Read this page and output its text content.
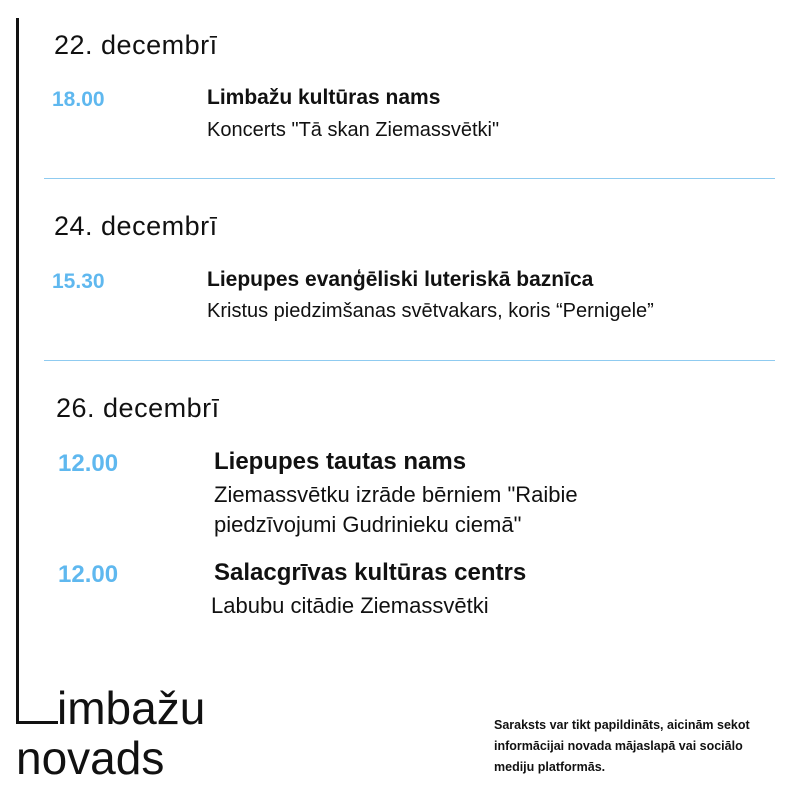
22. decembrī
18.00	Limbažu kultūras nams
Koncerts "Tā skan Ziemassvētki"
24. decembrī
15.30	Liepupes evanģēliski luteriskā baznīca
Kristus piedzimšanas svētvakars, koris “Pernigele”
26. decembrī
12.00	Liepupes tautas nams
Ziemassvētku izrāde bērniem "Raibie
piedzīvojumi Gudrinieku ciemā"
12.00	Salacgrīvas kultūras centrs
Labubu citādie Ziemassvētki
imbažu
novads
Saraksts var tikt papildināts, aicinām sekot informācijai novada mājaslapā vai sociālo mediju platformās.
